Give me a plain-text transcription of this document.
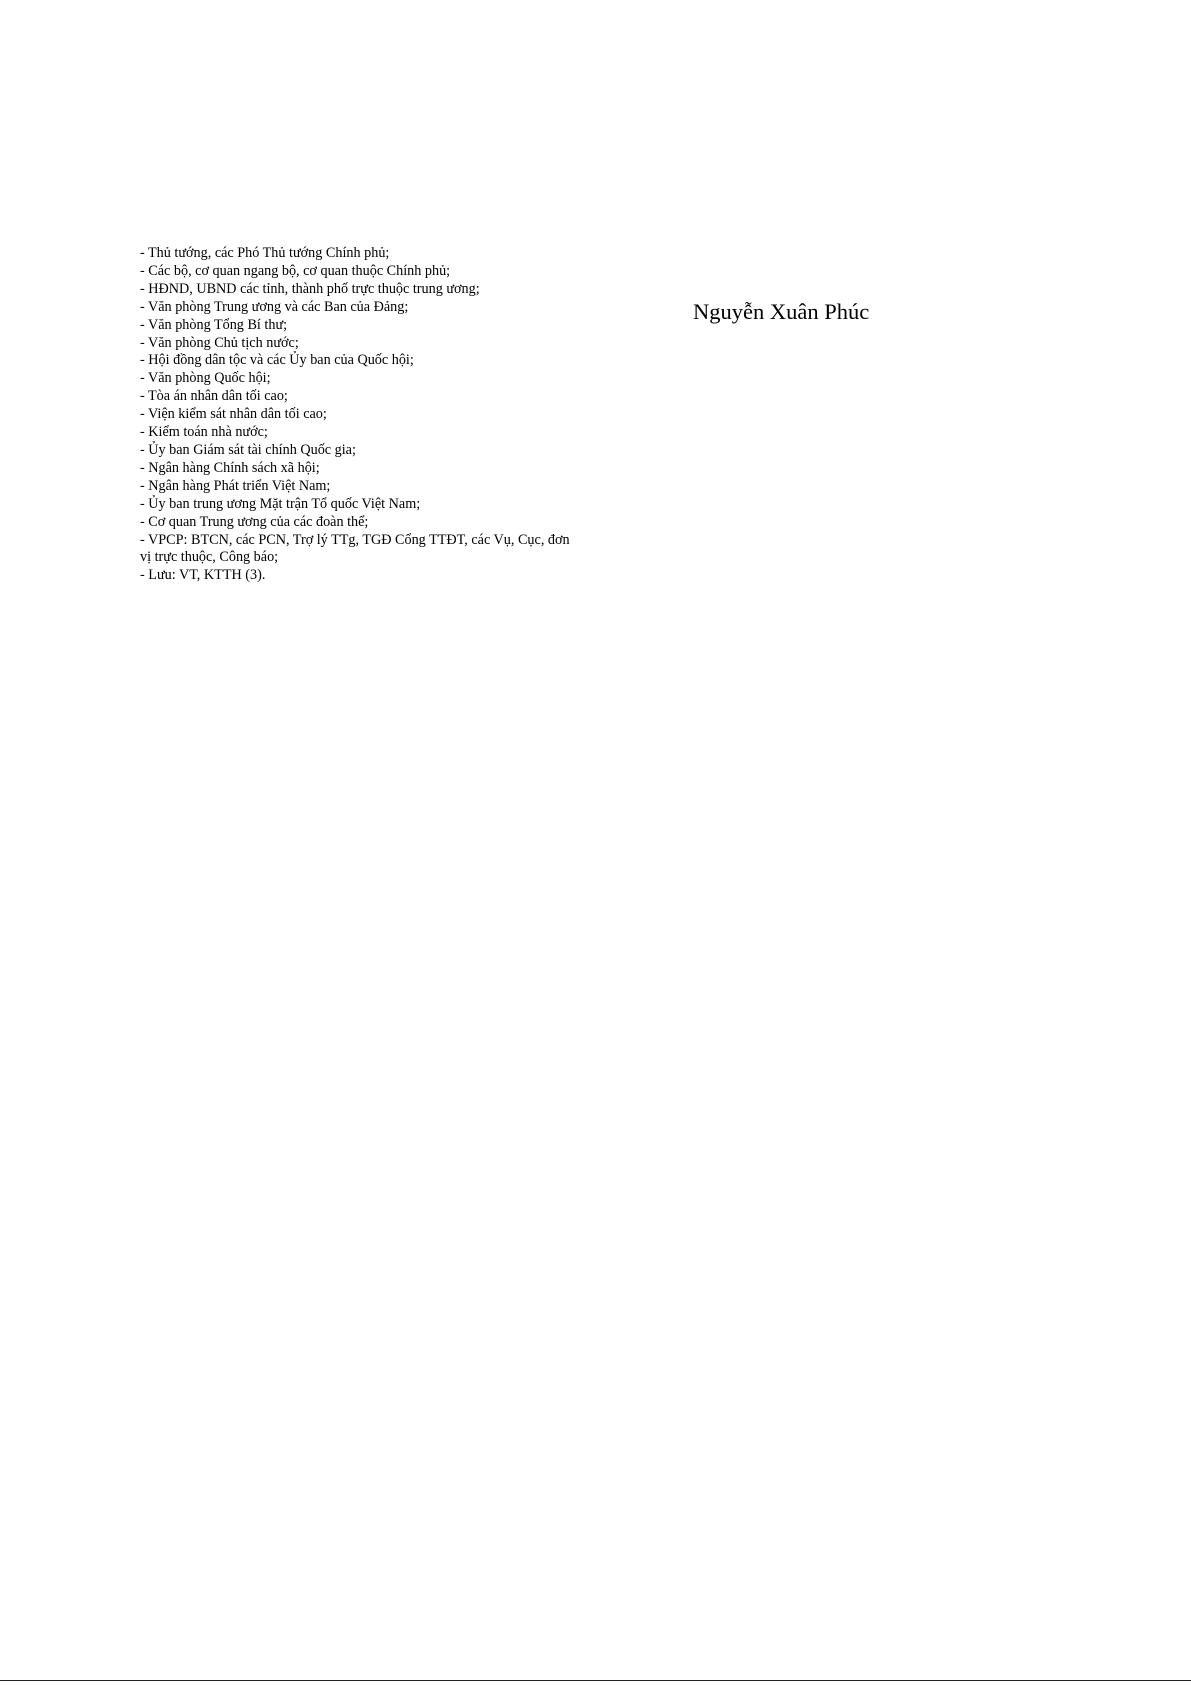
- Thủ tướng, các Phó Thủ tướng Chính phủ;
- Các bộ, cơ quan ngang bộ, cơ quan thuộc Chính phủ;
- HĐND, UBND các tỉnh, thành phố trực thuộc trung ương;
- Văn phòng Trung ương và các Ban của Đảng;
- Văn phòng Tổng Bí thư;
- Văn phòng Chủ tịch nước;
- Hội đồng dân tộc và các Ủy ban của Quốc hội;
- Văn phòng Quốc hội;
- Tòa án nhân dân tối cao;
- Viện kiểm sát nhân dân tối cao;
- Kiểm toán nhà nước;
- Ủy ban Giám sát tài chính Quốc gia;
- Ngân hàng Chính sách xã hội;
- Ngân hàng Phát triển Việt Nam;
- Ủy ban trung ương Mặt trận Tổ quốc Việt Nam;
- Cơ quan Trung ương của các đoàn thể;
- VPCP: BTCN, các PCN, Trợ lý TTg, TGĐ Cổng TTĐT, các Vụ, Cục, đơn vị trực thuộc, Công báo;
- Lưu: VT, KTTH (3).
Nguyễn Xuân Phúc
